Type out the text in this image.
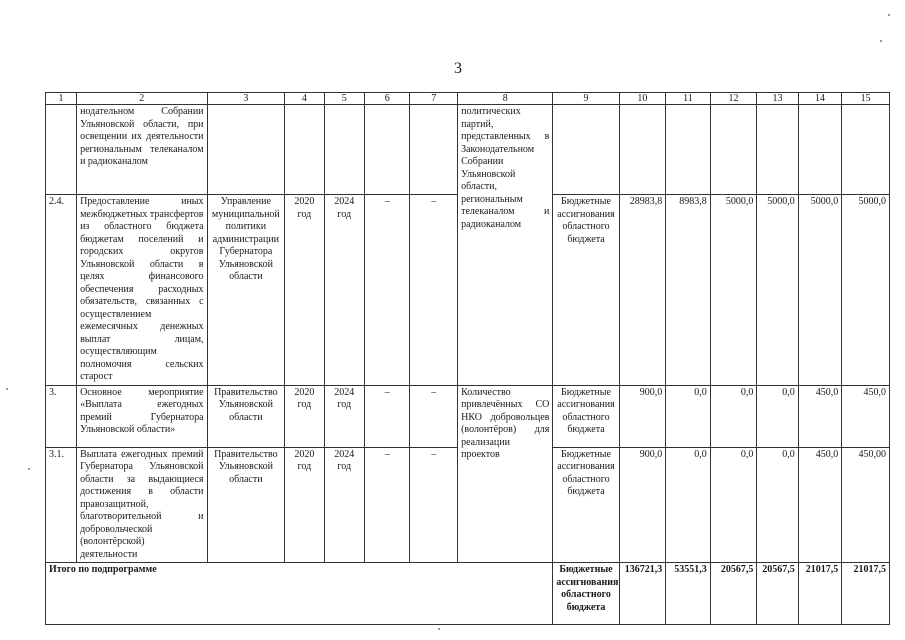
3
1	2	3	4	5	6	7	8	9	10	11	12	13	14	15
	нодательном Собрании Ульяновской области, при освещении их деятельности региональным телеканалом и радиоканалом						политических партий, представленных в Законодательном Собрании Ульяновской области, региональным телеканалом и радиоканалом							
2.4.	Предоставление иных межбюджетных трансфертов из областного бюджета бюджетам поселений и городских округов Ульяновской области в целях финансового обеспечения расходных обязательств, связанных с осуществлением ежемесячных денежных выплат лицам, осуществляющим полномочия сельских старост	Управление муниципальной политики администрации Губернатора Ульяновской области	2020 год	2024 год	–	–		Бюджетные ассигнования областного бюджета	28983,8	8983,8	5000,0	5000,0	5000,0	5000,0
3.	Основное мероприятие «Выплата ежегодных премий Губернатора Ульяновской области»	Правительство Ульяновской области	2020 год	2024 год	–	–	Количество привлечённых СО НКО добровольцев (волонтёров) для реализации проектов	Бюджетные ассигнования областного бюджета	900,0	0,0	0,0	0,0	450,0	450,0
3.1.	Выплата ежегодных премий Губернатора Ульяновской области за выдающиеся достижения в области правозащитной, благотворительной и добровольческой (волонтёрской) деятельности	Правительство Ульяновской области	2020 год	2024 год	–	–		Бюджетные ассигнования областного бюджета	900,0	0,0	0,0	0,0	450,0	450,00
Итого по подпрограмме								Бюджетные ассигнования областного бюджета	136721,3	53551,3	20567,5	20567,5	21017,5	21017,5
